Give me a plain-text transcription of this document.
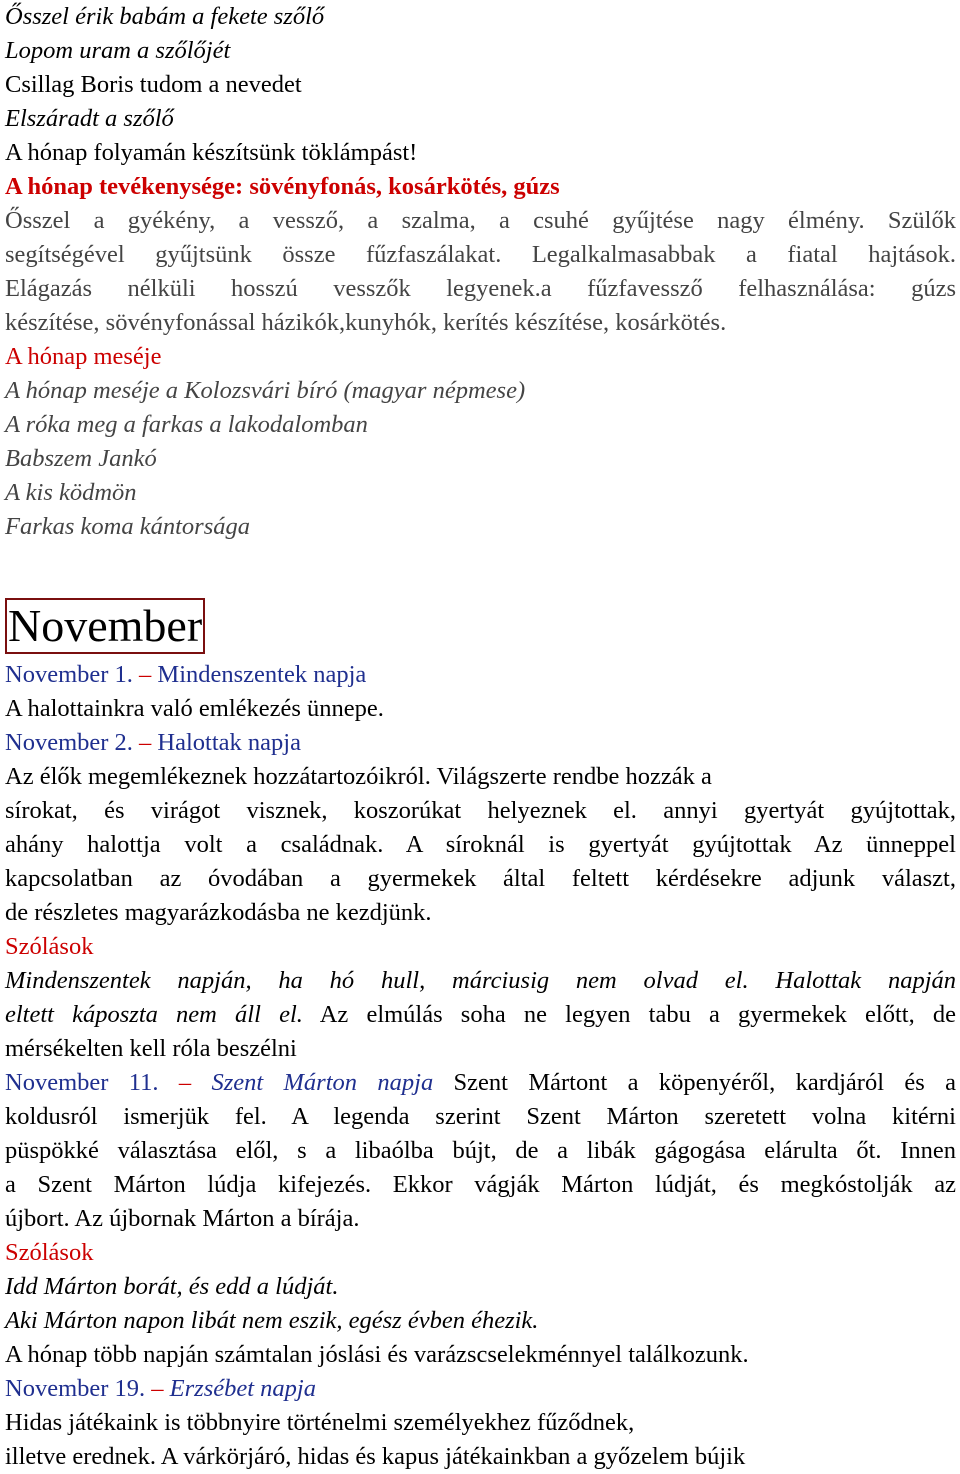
Ősszel érik babám a fekete szőlő
Lopom uram a szőlőjét
Csillag Boris tudom a nevedet
Elszáradt a szőlő
A hónap folyamán készítsünk töklámpást!
A hónap tevékenysége: sövényfonás, kosárkötés, gúzs
Ősszel a gyékény, a vessző, a szalma, a csuhé gyűjtése nagy élmény. Szülők
segítségével gyűjtsünk össze fűzfaszálakat. Legalkalmasabbak a fiatal hajtások.
Elágazás nélküli hosszú vesszők legyenek.a fűzfavessző felhasználása: gúzs
készítése, sövényfonással házikók,kunyhók, kerítés készítése, kosárkötés.
A hónap meséje
A hónap meséje a Kolozsvári bíró (magyar népmese)
A róka meg a farkas a lakodalomban
Babszem Jankó
A kis ködmön
Farkas koma kántorsága
November
November 1. – Mindenszentek napja
A halottainkra való emlékezés ünnepe.
November 2. – Halottak napja
Az élők megemlékeznek hozzátartozóikról. Világszerte rendbe hozzák a
sírokat, és virágot visznek, koszorúkat helyeznek el. annyi gyertyát gyújtottak,
ahány halottja volt a családnak. A síroknál is gyertyát gyújtottak Az ünneppel
kapcsolatban az óvodában a gyermekek által feltett kérdésekre adjunk választ,
de részletes magyarázkodásba ne kezdjünk.
Szólások
Mindenszentek napján, ha hó hull, márciusig nem olvad el. Halottak napján
eltett káposzta nem áll el. Az elmúlás soha ne legyen tabu a gyermekek előtt, de
mérsékelten kell róla beszélni
November 11. – Szent Márton napja Szent Mártont a köpenyéről, kardjáról és a
koldusról ismerjük fel. A legenda szerint Szent Márton szeretett volna kitérni
püspökké választása elől, s a libaólba bújt, de a libák gágogása elárulta őt. Innen
a Szent Márton lúdja kifejezés. Ekkor vágják Márton lúdját, és megkóstolják az
újbort. Az újbornak Márton a bírája.
Szólások
Idd Márton borát, és edd a lúdját.
Aki Márton napon libát nem eszik, egész évben éhezik.
A hónap több napján számtalan jóslási és varázscselekménnyel találkozunk.
November 19. – Erzsébet napja
Hidas játékaink is többnyire történelmi személyekhez fűződnek,
illetve erednek. A várkörjáró, hidas és kapus játékainkban a győzelem bújik
